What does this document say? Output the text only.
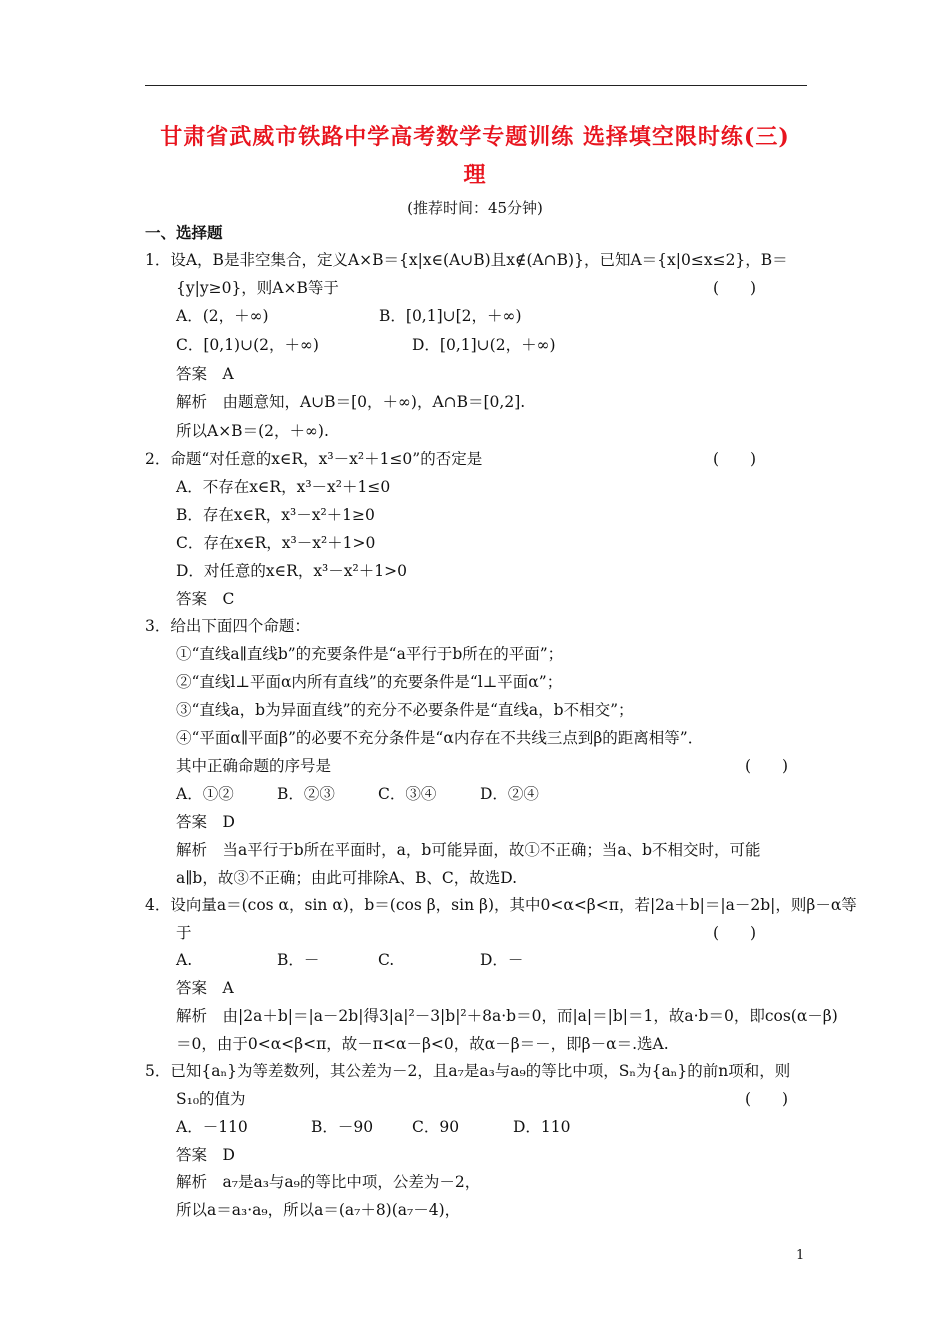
甘肃省武威市铁路中学高考数学专题训练 选择填空限时练(三)
理
(推荐时间：45分钟)
一、选择题
1．设A，B是非空集合，定义A×B＝{x|x∈(A∪B)且x∉(A∩B)}，已知A＝{x|0≤x≤2}，B＝
{y|y≥0}，则A×B等于	(　　)
A．(2，＋∞)	B．[0,1]∪[2，＋∞)
C．[0,1)∪(2，＋∞)	D．[0,1]∪(2，＋∞)
答案　A
解析　由题意知，A∪B＝[0，＋∞)，A∩B＝[0,2].
所以A×B＝(2，＋∞).
2．命题“对任意的x∈R，x³－x²＋1≤0”的否定是	(　　)
A．不存在x∈R，x³－x²＋1≤0
B．存在x∈R，x³－x²＋1≥0
C．存在x∈R，x³－x²＋1>0
D．对任意的x∈R，x³－x²＋1>0
答案　C
3．给出下面四个命题：
①“直线a∥直线b”的充要条件是“a平行于b所在的平面”；
②“直线l⊥平面α内所有直线”的充要条件是“l⊥平面α”；
③“直线a，b为异面直线”的充分不必要条件是“直线a，b不相交”；
④“平面α∥平面β”的必要不充分条件是“α内存在不共线三点到β的距离相等”．
其中正确命题的序号是	(　　)
A．①②	B．②③	C．③④	D．②④
答案　D
解析　当a平行于b所在平面时，a，b可能异面，故①不正确；当a、b不相交时，可能
a∥b，故③不正确；由此可排除A、B、C，故选D.
4．设向量a＝(cos α，sin α)，b＝(cos β，sin β)，其中0<α<β<π，若|2a＋b|＝|a－2b|，则β－α等
于	(　　)
A.	B．－	C.	D．－
答案　A
解析　由|2a＋b|＝|a－2b|得3|a|²－3|b|²＋8a·b＝0，而|a|＝|b|＝1，故a·b＝0，即cos(α－β)
＝0，由于0<α<β<π，故－π<α－β<0，故α－β＝－，即β－α＝.选A.
5．已知{aₙ}为等差数列，其公差为－2，且a₇是a₃与a₉的等比中项，Sₙ为{aₙ}的前n项和，则
S₁₀的值为	(　　)
A．－110	B．－90	C．90	D．110
答案　D
解析　a₇是a₃与a₉的等比中项，公差为－2，
所以a＝a₃·a₉，所以a＝(a₇＋8)(a₇－4)，
1
